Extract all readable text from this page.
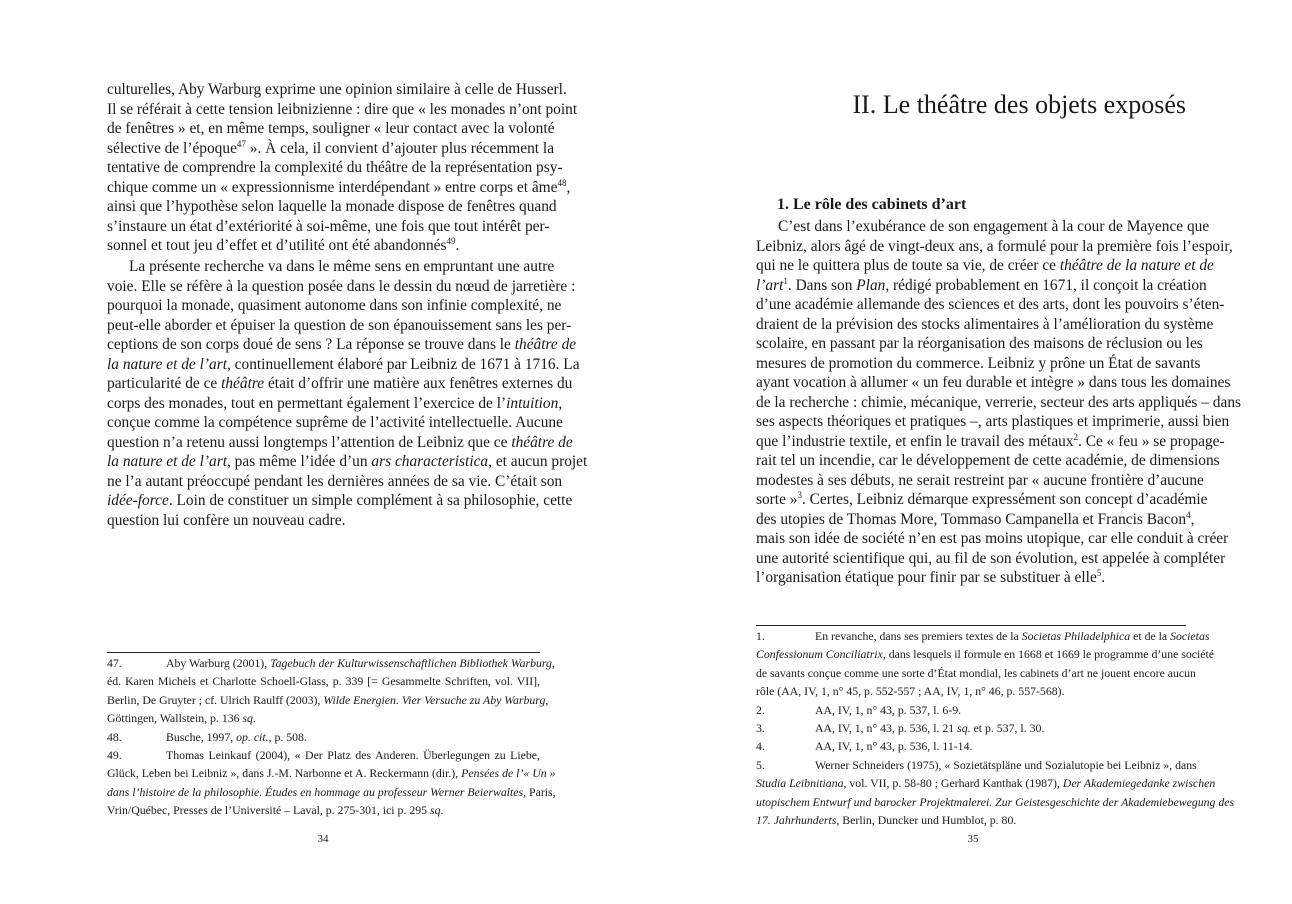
culturelles, Aby Warburg exprime une opinion similaire à celle de Husserl.
Il se référait à cette tension leibnizienne : dire que « les monades n’ont point
de fenêtres » et, en même temps, souligner « leur contact avec la volonté
sélective de l’époque$^{47}$ ». À cela, il convient d’ajouter plus récemment la
tentative de comprendre la complexité du théâtre de la représentation psy-
chique comme un « expressionnisme interdépendant » entre corps et âme$^{48}$,
ainsi que l’hypothèse selon laquelle la monade dispose de fenêtres quand
s’instaure un état d’extériorité à soi-même, une fois que tout intérêt per-
sonnel et tout jeu d’effet et d’utilité ont été abandonnés$^{49}$.
La présente recherche va dans le même sens en empruntant une autre
voie. Elle se réfère à la question posée dans le dessin du nœud de jarretière :
pourquoi la monade, quasiment autonome dans son infinie complexité, ne
peut-elle aborder et épuiser la question de son épanouissement sans les per-
ceptions de son corps doué de sens ? La réponse se trouve dans le théâtre de
la nature et de l’art, continuellement élaboré par Leibniz de 1671 à 1716. La
particularité de ce théâtre était d’offrir une matière aux fenêtres externes du
corps des monades, tout en permettant également l’exercice de l’intuition,
conçue comme la compétence suprême de l’activité intellectuelle. Aucune
question n’a retenu aussi longtemps l’attention de Leibniz que ce théâtre de
la nature et de l’art, pas même l’idée d’un ars characteristica, et aucun projet
ne l’a autant préoccupé pendant les dernières années de sa vie. C’était son
idée-force. Loin de constituer un simple complément à sa philosophie, cette
question lui confère un nouveau cadre.
47.	Aby Warburg (2001), Tagebuch der Kulturwissenschaftlichen Bibliothek Warburg,
éd. Karen Michels et Charlotte Schoell-Glass, p. 339 [= Gesammelte Schriften, vol. VII],
Berlin, De Gruyter ; cf. Ulrich Raulff (2003), Wilde Energien. Vier Versuche zu Aby Warburg,
Göttingen, Wallstein, p. 136 sq.
48.	Busche, 1997, op. cit., p. 508.
49.	Thomas Leinkauf (2004), « Der Platz des Anderen. Überlegungen zu Liebe,
Glück, Leben bei Leibniz », dans J.-M. Narbonne et A. Reckermann (dir.), Pensées de l’« Un »
dans l’histoire de la philosophie. Études en hommage au professeur Werner Beierwaltes, Paris,
Vrin/Québec, Presses de l’Université – Laval, p. 275-301, ici p. 295 sq.
34
II. Le théâtre des objets exposés
1. Le rôle des cabinets d’art
C’est dans l’exubérance de son engagement à la cour de Mayence que
Leibniz, alors âgé de vingt-deux ans, a formulé pour la première fois l’espoir,
qui ne le quittera plus de toute sa vie, de créer ce théâtre de la nature et de
l’art$^1$. Dans son Plan, rédigé probablement en 1671, il conçoit la création
d’une académie allemande des sciences et des arts, dont les pouvoirs s’éten-
draient de la prévision des stocks alimentaires à l’amélioration du système
scolaire, en passant par la réorganisation des maisons de réclusion ou les
mesures de promotion du commerce. Leibniz y prône un État de savants
ayant vocation à allumer « un feu durable et intègre » dans tous les domaines
de la recherche : chimie, mécanique, verrerie, secteur des arts appliqués – dans
ses aspects théoriques et pratiques –, arts plastiques et imprimerie, aussi bien
que l’industrie textile, et enfin le travail des métaux$^2$. Ce « feu » se propage-
rait tel un incendie, car le développement de cette académie, de dimensions
modestes à ses débuts, ne serait restreint par « aucune frontière d’aucune
sorte »$^3$. Certes, Leibniz démarque expressément son concept d’académie
des utopies de Thomas More, Tommaso Campanella et Francis Bacon$^4$,
mais son idée de société n’en est pas moins utopique, car elle conduit à créer
une autorité scientifique qui, au fil de son évolution, est appelée à compléter
l’organisation étatique pour finir par se substituer à elle$^5$.
1.	En revanche, dans ses premiers textes de la Societas Philadelphica et de la Societas
Confessionum Conciliatrix, dans lesquels il formule en 1668 et 1669 le programme d’une société
de savants conçue comme une sorte d’État mondial, les cabinets d’art ne jouent encore aucun
rôle (AA, IV, 1, n° 45, p. 552-557 ; AA, IV, 1, n° 46, p. 557-568).
2.	AA, IV, 1, n° 43, p. 537, l. 6-9.
3.	AA, IV, 1, n° 43, p. 536, l. 21 sq. et p. 537, l. 30.
4.	AA, IV, 1, n° 43, p. 536, l. 11-14.
5.	Werner Schneiders (1975), « Sozietätspläne und Sozialutopie bei Leibniz », dans
Studia Leibnitiana, vol. VII, p. 58-80 ; Gerhard Kanthak (1987), Der Akademiegedanke zwischen
utopischem Entwurf und barocker Projektmalerei. Zur Geistesgeschichte der Akademiebewegung des
17. Jahrhunderts, Berlin, Duncker und Humblot, p. 80.
35
